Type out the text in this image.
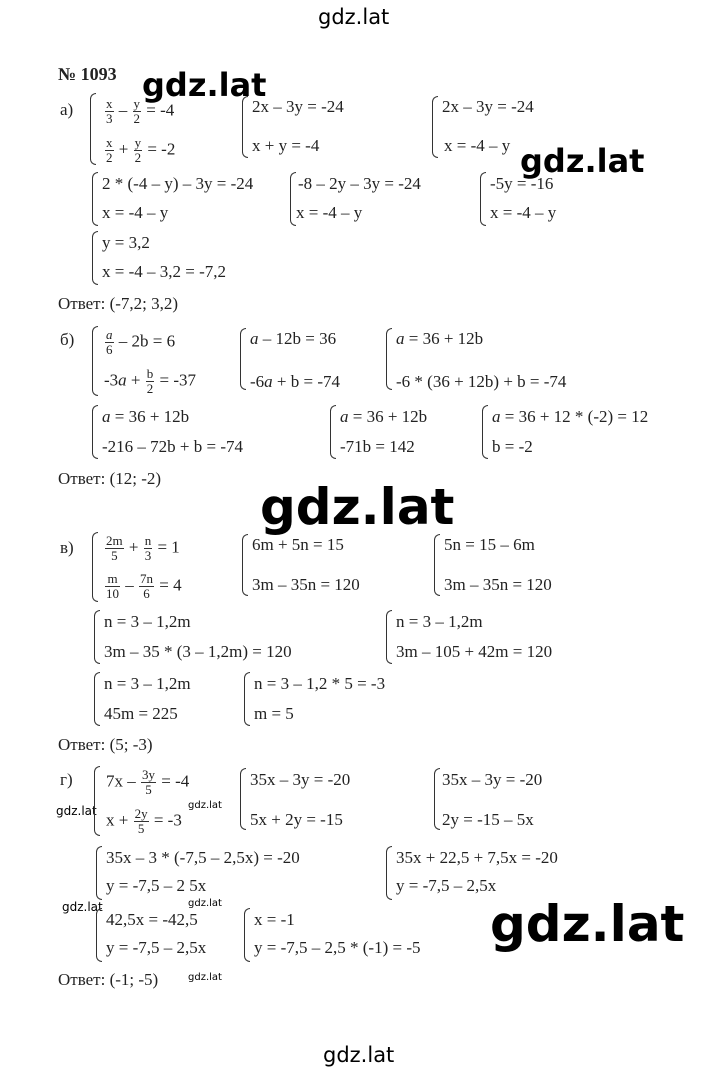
gdz.lat
gdz.lat
gdz.lat
gdz.lat
gdz.lat
gdz.lat	gdz.lat
gdz.lat
gdz.lat
gdz.lat
gdz.lat
№ 1093
$а) \frac{x}{3} - \frac{y}{2} = -4$
$\frac{x}{2} + \frac{y}{2} = -2$
2x – 3y = -24
x + y = -4
2x – 3y = -24
x = -4 – y
2 * (-4 – y) – 3y = -24
x = -4 – y
-8 – 2y – 3y = -24
x = -4 – y
-5y = -16
x = -4 – y
y = 3,2
x = -4 – 3,2 = -7,2
Ответ: (-7,2; 3,2)
$б) \frac{a}{6} - 2b = 6$
$-3a + \frac{b}{2} = -37$
a – 12b = 36
-6a + b = -74
a = 36 + 12b
-6 * (36 + 12b) + b = -74
a = 36 + 12b
-216 – 72b + b = -74
a = 36 + 12b
-71b = 142
a = 36 + 12 * (-2) = 12
b = -2
Ответ: (12; -2)
$в) \frac{2m}{5} + \frac{n}{3} = 1$
$\frac{m}{10} - \frac{7n}{6} = 4$
6m + 5n = 15
3m – 35n = 120
5n = 15 – 6m
3m – 35n = 120
n = 3 – 1,2m
3m – 35 * (3 – 1,2m) = 120
n = 3 – 1,2m
3m – 105 + 42m = 120
n = 3 – 1,2m
45m = 225
n = 3 – 1,2 * 5 = -3
m = 5
Ответ: (5; -3)
г) $7x - \frac{3y}{5} = -4$
$x + \frac{2y}{5} = -3$
35x – 3y = -20
5x + 2y = -15
35x – 3y = -20
2y = -15 – 5x
35x – 3 * (-7,5 – 2,5x) = -20
y = -7,5 – 2 5x
35x + 22,5 + 7,5x = -20
y = -7,5 – 2,5x
42,5x = -42,5
y = -7,5 – 2,5x
x = -1
y = -7,5 – 2,5 * (-1) = -5
Ответ: (-1; -5)
